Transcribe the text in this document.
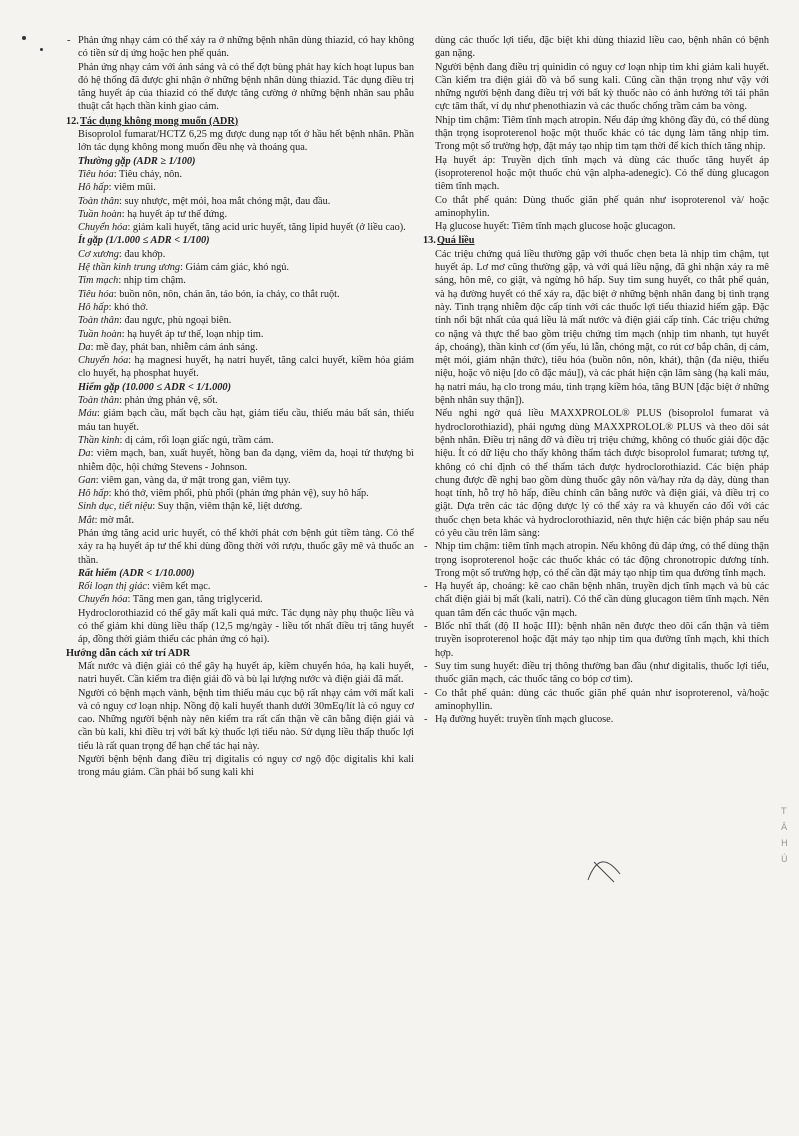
- Phản ứng nhạy cảm có thể xảy ra ở những bệnh nhân dùng thiazid, có hay không có tiền sử dị ứng hoặc hen phế quản.

Phản ứng nhạy cảm với ánh sáng và có thể đợt bùng phát hay kích hoạt lupus ban đỏ hệ thống đã được ghi nhận ở những bệnh nhân dùng thiazid. Tác dụng điều trị tăng huyết áp của thiazid có thể được tăng cường ở những bệnh nhân sau phẫu thuật cắt hạch thần kinh giao cảm.

12.Tác dụng không mong muốn (ADR)

Bisoprolol fumarat/HCTZ 6,25 mg được dung nạp tốt ở hầu hết bệnh nhân. Phần lớn tác dụng không mong muốn đều nhẹ và thoáng qua.

Thường gặp (ADR ≥ 1/100)

Tiêu hóa: Tiêu chảy, nôn.

Hô hấp: viêm mũi.

Toàn thân: suy nhược, mệt mỏi, hoa mắt chóng mặt, đau đầu.

Tuần hoàn: hạ huyết áp tư thế đứng.

Chuyển hóa: giảm kali huyết, tăng acid uric huyết, tăng lipid huyết (ở liều cao).

Ít gặp (1/1.000 ≤ ADR < 1/100)

Cơ xương: đau khớp.

Hệ thần kinh trung ương: Giảm cảm giác, khó ngủ.

Tim mạch: nhịp tim chậm.

Tiêu hóa: buồn nôn, nôn, chán ăn, táo bón, ỉa chảy, co thắt ruột.

Hô hấp: khó thở.

Toàn thân: đau ngực, phù ngoại biên.

Tuần hoàn: hạ huyết áp tư thế, loạn nhịp tim.

Da: mề đay, phát ban, nhiễm cảm ánh sáng.

Chuyển hóa: hạ magnesi huyết, hạ natri huyết, tăng calci huyết, kiềm hóa giảm clo huyết, hạ phosphat huyết.

Hiếm gặp (10.000 ≤ ADR < 1/1.000)

Toàn thân: phản ứng phản vệ, sốt.

Máu: giảm bạch cầu, mất bạch cầu hạt, giảm tiểu cầu, thiếu máu bất sản, thiếu máu tan huyết.

Thần kinh: dị cảm, rối loạn giấc ngủ, trầm cảm.

Da: viêm mạch, ban, xuất huyết, hồng ban đa dạng, viêm da, hoại tử thượng bì nhiễm độc, hội chứng Stevens - Johnson.

Gan: viêm gan, vàng da, ứ mật trong gan, viêm tụy.

Hô hấp: khó thở, viêm phổi, phù phổi (phản ứng phản vệ), suy hô hấp.

Sinh dục, tiết niệu: Suy thận, viêm thận kẽ, liệt dương.

Mắt: mờ mắt.

Phản ứng tăng acid uric huyết, có thể khởi phát cơn bệnh gút tiềm tàng. Có thể xảy ra hạ huyết áp tư thế khi dùng đồng thời với rượu, thuốc gây mê và thuốc an thần.

Rất hiếm (ADR < 1/10.000)

Rối loạn thị giác: viêm kết mạc.

Chuyển hóa: Tăng men gan, tăng triglycerid.

Hydroclorothiazid có thể gây mất kali quá mức. Tác dụng này phụ thuộc liều và có thể giảm khi dùng liều thấp (12,5 mg/ngày - liều tốt nhất điều trị tăng huyết áp, đồng thời giảm thiểu các phản ứng có hại).

Hướng dẫn cách xử trí ADR

Mất nước và điện giải có thể gây hạ huyết áp, kiềm chuyển hóa, hạ kali huyết, natri huyết. Cần kiểm tra điện giải đồ và bù lại lượng nước và điện giải đã mất.

Người có bệnh mạch vành, bệnh tim thiếu máu cục bộ rất nhạy cảm với mất kali và có nguy cơ loạn nhịp. Nồng độ kali huyết thanh dưới 30mEq/lít là có nguy cơ cao. Những người bệnh này nên kiểm tra rất cẩn thận về cân bằng điện giải và cần bù kali, khi điều trị với bất kỳ thuốc lợi tiểu nào. Sử dụng liều thấp thuốc lợi tiểu là rất quan trọng để hạn chế tác hại này.

Người bệnh bệnh đang điều trị digitalis có nguy cơ ngộ độc digitalis khi kali trong máu giảm. Cần phải bổ sung kali khi

dùng các thuốc lợi tiểu, đặc biệt khi dùng thiazid liều cao, bệnh nhân có bệnh gan nặng.

Người bệnh đang điều trị quinidin có nguy cơ loạn nhịp tim khi giảm kali huyết. Cần kiểm tra điện giải đồ và bổ sung kali. Cũng cần thận trọng như vậy với những người bệnh đang điều trị với bất kỳ thuốc nào có ảnh hưởng tới tái phân cực tâm thất, ví dụ như phenothiazin và các thuốc chống trầm cảm ba vòng.

Nhịp tim chậm: Tiêm tĩnh mạch atropin. Nếu đáp ứng không đầy đủ, có thể dùng thận trọng isoproterenol hoặc một thuốc khác có tác dụng làm tăng nhịp tim. Trong một số trường hợp, đặt máy tạo nhịp tim tạm thời để kích thích tăng nhịp.

Hạ huyết áp: Truyền dịch tĩnh mạch và dùng các thuốc tăng huyết áp (isoproterenol hoặc một thuốc chủ vận alpha-adenegic). Có thể dùng glucagon tiêm tĩnh mạch.

Co thắt phế quản: Dùng thuốc giãn phế quản như isoproterenol và/ hoặc aminophylin.

Hạ glucose huyết: Tiêm tĩnh mạch glucose hoặc glucagon.

13.Quá liều

Các triệu chứng quá liều thường gặp với thuốc chẹn beta là nhịp tim chậm, tụt huyết áp. Lơ mơ cũng thường gặp, và với quá liều nặng, đã ghi nhận xảy ra mê sảng, hôn mê, co giật, và ngừng hô hấp. Suy tim sung huyết, co thắt phế quản, và hạ đường huyết có thể xảy ra, đặc biệt ở những bệnh nhân đang bị tình trạng này. Tình trạng nhiễm độc cấp tính với các thuốc lợi tiểu thiazid hiếm gặp. Đặc tính nổi bật nhất của quá liều là mất nước và điện giải cấp tính. Các triệu chứng co nặng và thực thể bao gồm triệu chứng tim mạch (nhịp tim nhanh, tụt huyết áp, choáng), thần kinh cơ (ốm yếu, lú lẫn, chóng mặt, co rút cơ bắp chân, dị cảm, mệt mỏi, giảm nhận thức), tiêu hóa (buồn nôn, nôn, khát), thận (đa niệu, thiểu niệu, hoặc vô niệu [do cô đặc máu]), và các phát hiện cận lâm sàng (hạ kali máu, hạ natri máu, hạ clo trong máu, tình trạng kiềm hóa, tăng BUN [đặc biệt ở những bệnh nhân suy thận]).

Nếu nghi ngờ quá liều MAXXPROLOL® PLUS (bisoprolol fumarat và hydroclorothiazid), phải ngưng dùng MAXXPROLOL® PLUS và theo dõi sát bệnh nhân. Điều trị nâng đỡ và điều trị triệu chứng, không có thuốc giải độc đặc hiệu. Ít có dữ liệu cho thấy không thẩm tách được bisoprolol fumarat; tương tự, không có chỉ định có thể thẩm tách được hydroclorothiazid. Các biện pháp chung được đề nghị bao gồm dùng thuốc gây nôn và/hay rửa dạ dày, dùng than hoạt tính, hỗ trợ hô hấp, điều chỉnh cân bằng nước và điện giải, và điều trị co giật. Dựa trên các tác động dược lý có thể xảy ra và khuyến cáo đối với các thuốc chẹn beta khác và hydroclorothiazid, nên thực hiện các biện pháp sau nếu có yêu cầu trên lâm sàng:

- Nhịp tim chậm: tiêm tĩnh mạch atropin. Nếu không đủ đáp ứng, có thể dùng thận trọng isoproterenol hoặc các thuốc khác có tác động chronotropic dương tính. Trong một số trường hợp, có thể cần đặt máy tạo nhịp tim qua đường tĩnh mạch.

- Hạ huyết áp, choáng: kê cao chân bệnh nhân, truyền dịch tĩnh mạch và bù các chất điện giải bị mất (kali, natri). Có thể cần dùng glucagon tiêm tĩnh mạch. Nên quan tâm đến các thuốc vận mạch.

- Blốc nhĩ thất (độ II hoặc III): bệnh nhân nên được theo dõi cẩn thận và tiêm truyền isoproterenol hoặc đặt máy tạo nhịp tim qua đường tĩnh mạch, khi thích hợp.

- Suy tim sung huyết: điều trị thông thường ban đầu (như digitalis, thuốc lợi tiểu, thuốc giãn mạch, các thuốc tăng co bóp cơ tim).

- Co thắt phế quản: dùng các thuốc giãn phế quản như isoproterenol, và/hoặc aminophyllin.

- Hạ đường huyết: truyền tĩnh mạch glucose.

T
Â
H
Ú
